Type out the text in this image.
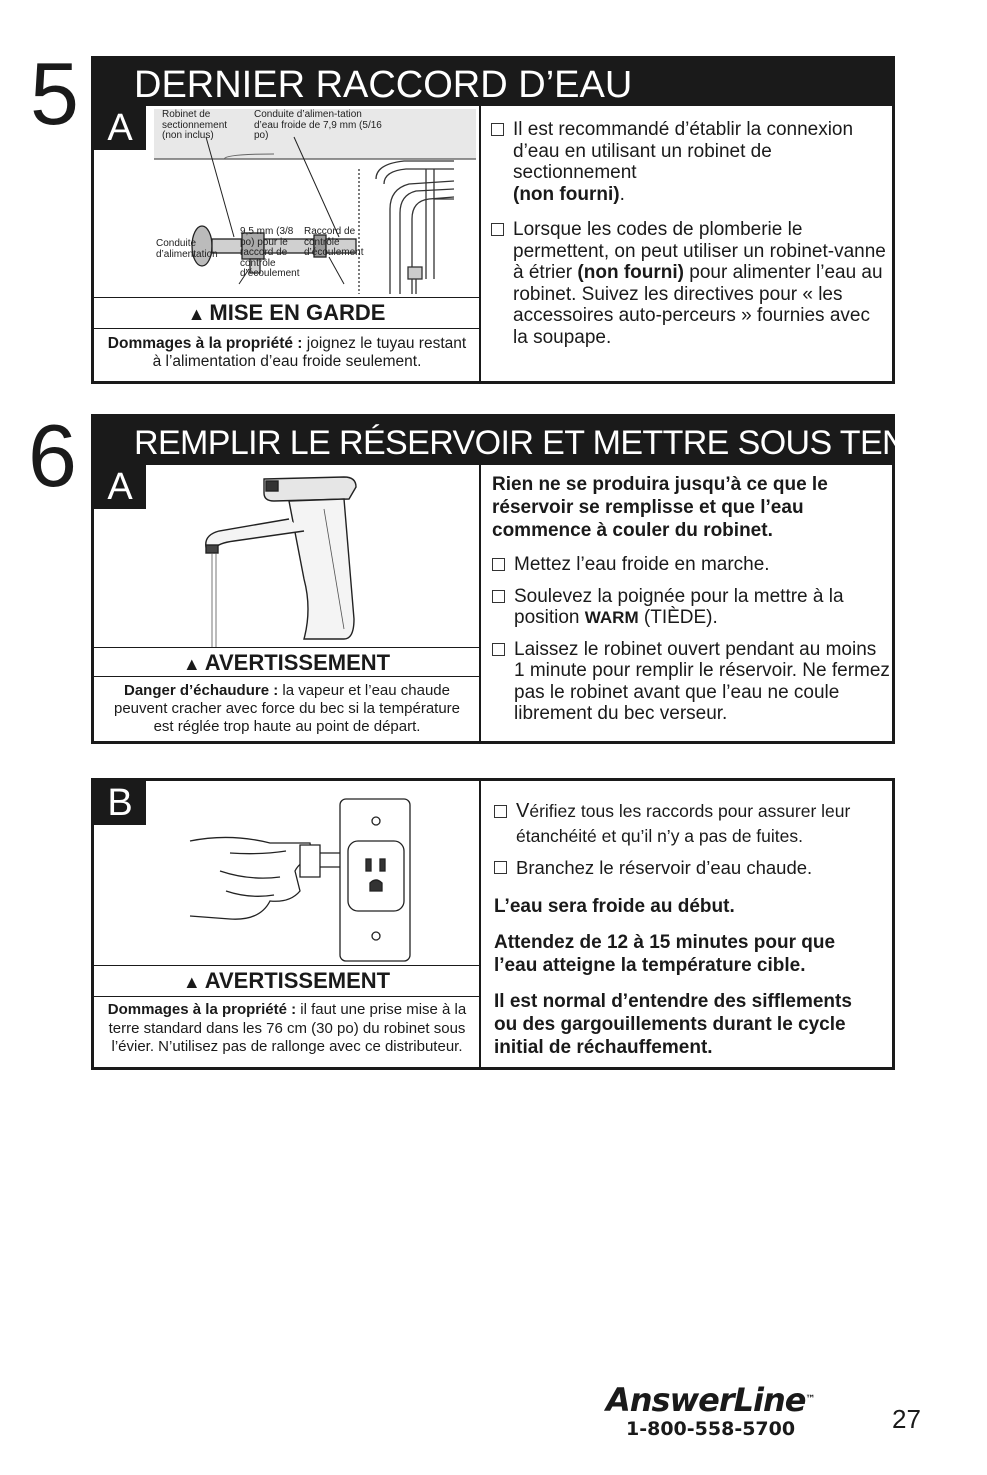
5	DERNIER RACCORD D’EAU
A	Robinet de sectionnement (non inclus)
Conduite d’alimen-tation d’eau froide de 7,9 mm (5/16 po)
Conduite d’alimentation
9,5 mm (3/8 po) pour le raccord de contrôle d’écoulement
Raccord de contrôle d’écoulement
▲ MISE EN GARDE
Dommages à la propriété : joignez le tuyau restant à l’alimentation d’eau froide seulement.
Il est recommandé d’établir la connexion d’eau en utilisant un robinet de sectionnement
(non fourni).
Lorsque les codes de plomberie le permettent, on peut utiliser un robinet-vanne à étrier (non fourni) pour alimenter l’eau au robinet. Suivez les directives pour « les accessoires auto-perceurs » fournies avec la soupape.
6	REMPLIR LE RÉSERVOIR ET METTRE SOUS TENSION
A
▲ AVERTISSEMENT
Danger d’échaudure : la vapeur et l’eau chaude peuvent cracher avec force du bec si la température est réglée trop haute au point de départ.
Rien ne se produira jusqu’à ce que le réservoir se remplisse et que l’eau commence à couler du robinet.
Mettez l’eau froide en marche.
Soulevez la poignée pour la mettre à la position WARM (TIÈDE).
Laissez le robinet ouvert pendant au moins 1 minute pour remplir le réservoir. Ne fermez pas le robinet avant que l’eau ne coule librement du bec verseur.
B
▲ AVERTISSEMENT
Dommages à la propriété : il faut une prise mise à la terre standard dans les 76 cm (30 po) du robinet sous l’évier. N’utilisez pas de rallonge avec ce distributeur.
Vérifiez tous les raccords pour assurer leur étanchéité et qu’il n’y a pas de fuites.
Branchez le réservoir d’eau chaude.
L’eau sera froide au début.
Attendez de 12 à 15 minutes pour que l’eau atteigne la température cible.
Il est normal d’entendre des sifflements ou des gargouillements durant le cycle initial de réchauffement.
AnswerLine™
1-800-558-5700	27
